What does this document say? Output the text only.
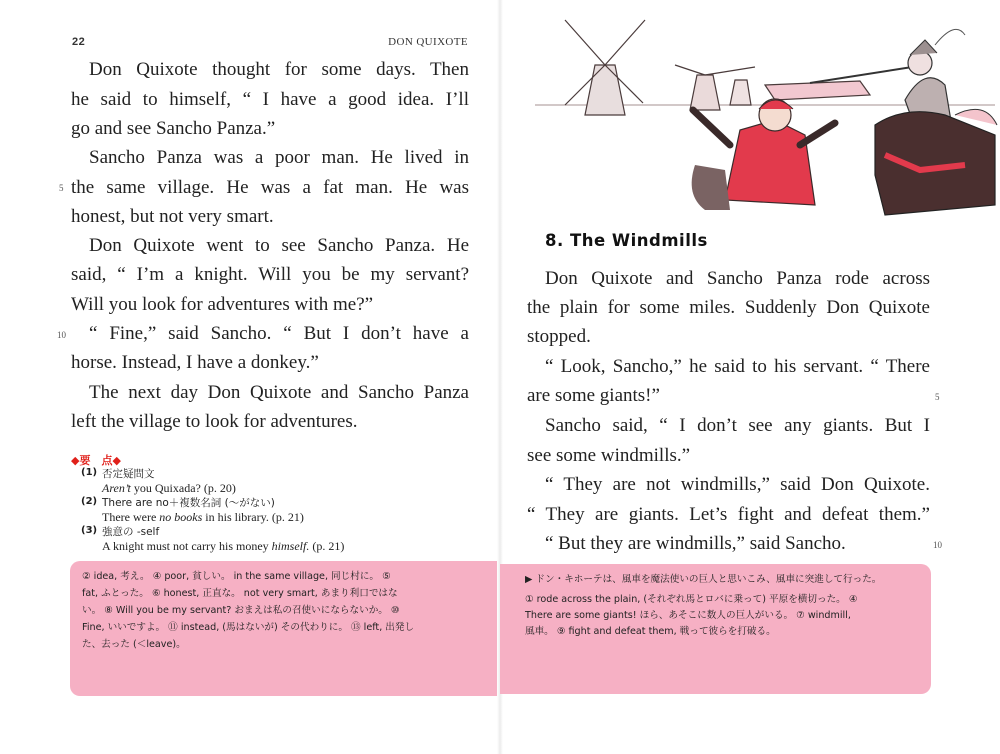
22	DON QUIXOTE
Don Quixote thought for some days. Then
he said to himself, “ I have a good idea. I’ll
go and see Sancho Panza.”
Sancho Panza was a poor man. He lived in
the same village. He was a fat man. He was
honest, but not very smart.
Don Quixote went to see Sancho Panza. He
said, “ I’m a knight. Will you be my servant?
Will you look for adventures with me?”
“ Fine,” said Sancho. “ But I don’t have a
horse. Instead, I have a donkey.”
The next day Don Quixote and Sancho Panza
left the village to look for adventures.
5
10
◆要　点◆
(1) 否定疑問文
Aren’t you Quixada? (p. 20)
(2) There are no＋複数名詞 (〜がない)
There were no books in his library. (p. 21)
(3) 強意の -self
A knight must not carry his money himself. (p. 21)
② idea, 考え。 ④ poor, 貧しい。 in the same village, 同じ村に。 ⑤
fat, ふとった。 ⑥ honest, 正直な。 not very smart, あまり利口ではな
い。 ⑧ Will you be my servant? おまえは私の召使いにならないか。 ⑩
Fine, いいですよ。 ⑪ instead, (馬はないが) その代わりに。 ⑬ left, 出発し
た、去った (＜leave)。
8. The Windmills
Don Quixote and Sancho Panza rode across
the plain for some miles. Suddenly Don Quixote
stopped.
“ Look, Sancho,” he said to his servant. “ There
are some giants!”
Sancho said, “ I don’t see any giants. But I
see some windmills.”
“ They are not windmills,” said Don Quixote.
“ They are giants. Let’s fight and defeat them.”
“ But they are windmills,” said Sancho.
5
10
▶ ドン・キホーテは、風車を魔法使いの巨人と思いこみ、風車に突進して行った。
① rode across the plain, (それぞれ馬とロバに乗って) 平原を横切った。 ④
There are some giants! ほら、あそこに数人の巨人がいる。 ⑦ windmill,
風車。 ⑨ fight and defeat them, 戦って彼らを打破る。
